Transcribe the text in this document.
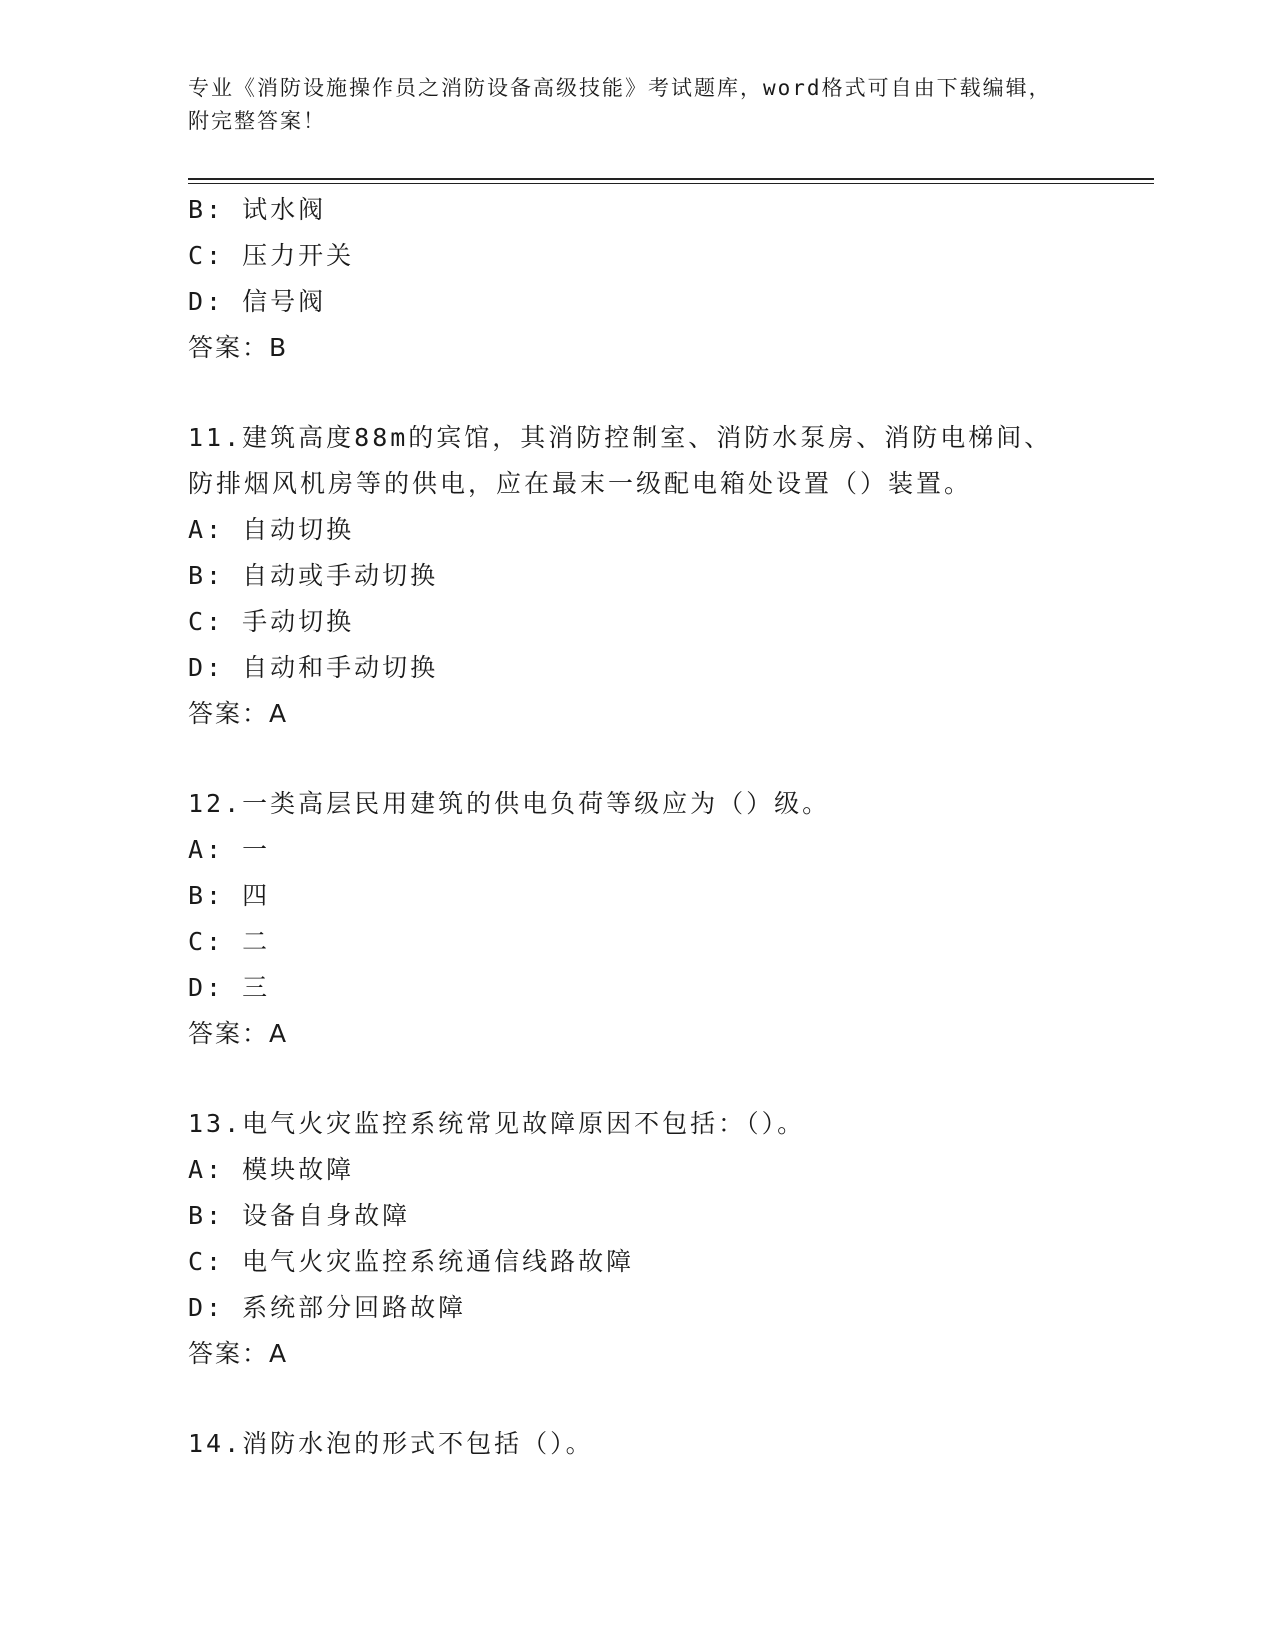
专业《消防设施操作员之消防设备高级技能》考试题库，word格式可自由下载编辑，附完整答案！
B: 试水阀
C: 压力开关
D: 信号阀
答案：B
11.建筑高度88m的宾馆，其消防控制室、消防水泵房、消防电梯间、防排烟风机房等的供电，应在最末一级配电箱处设置（）装置。
A: 自动切换
B: 自动或手动切换
C: 手动切换
D: 自动和手动切换
答案：A
12.一类高层民用建筑的供电负荷等级应为（）级。
A: 一
B: 四
C: 二
D: 三
答案：A
13.电气火灾监控系统常见故障原因不包括：（）。
A: 模块故障
B: 设备自身故障
C: 电气火灾监控系统通信线路故障
D: 系统部分回路故障
答案：A
14.消防水泡的形式不包括（）。
